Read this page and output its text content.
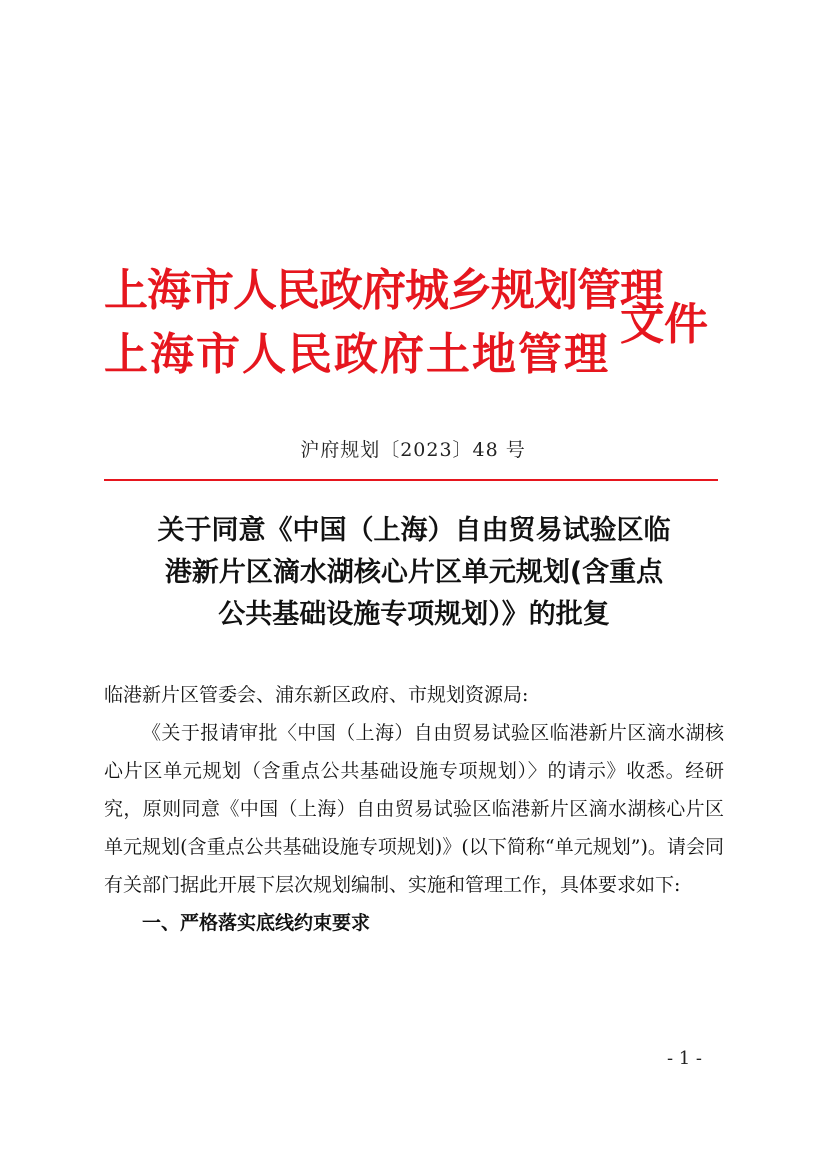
上海市人民政府城乡规划管理
上海市人民政府土地管理
文件
沪府规划〔2023〕48 号
关于同意《中国（上海）自由贸易试验区临
港新片区滴水湖核心片区单元规划(含重点
公共基础设施专项规划）》的批复

临港新片区管委会、浦东新区政府、市规划资源局:

《关于报请审批〈中国（上海）自由贸易试验区临港新片区滴水湖核心片区单元规划（含重点公共基础设施专项规划）〉的请示》收悉。经研究，原则同意《中国（上海）自由贸易试验区临港新片区滴水湖核心片区单元规划(含重点公共基础设施专项规划)》(以下简称“单元规划”)。请会同有关部门据此开展下层次规划编制、实施和管理工作，具体要求如下:

一、严格落实底线约束要求

- 1 -
